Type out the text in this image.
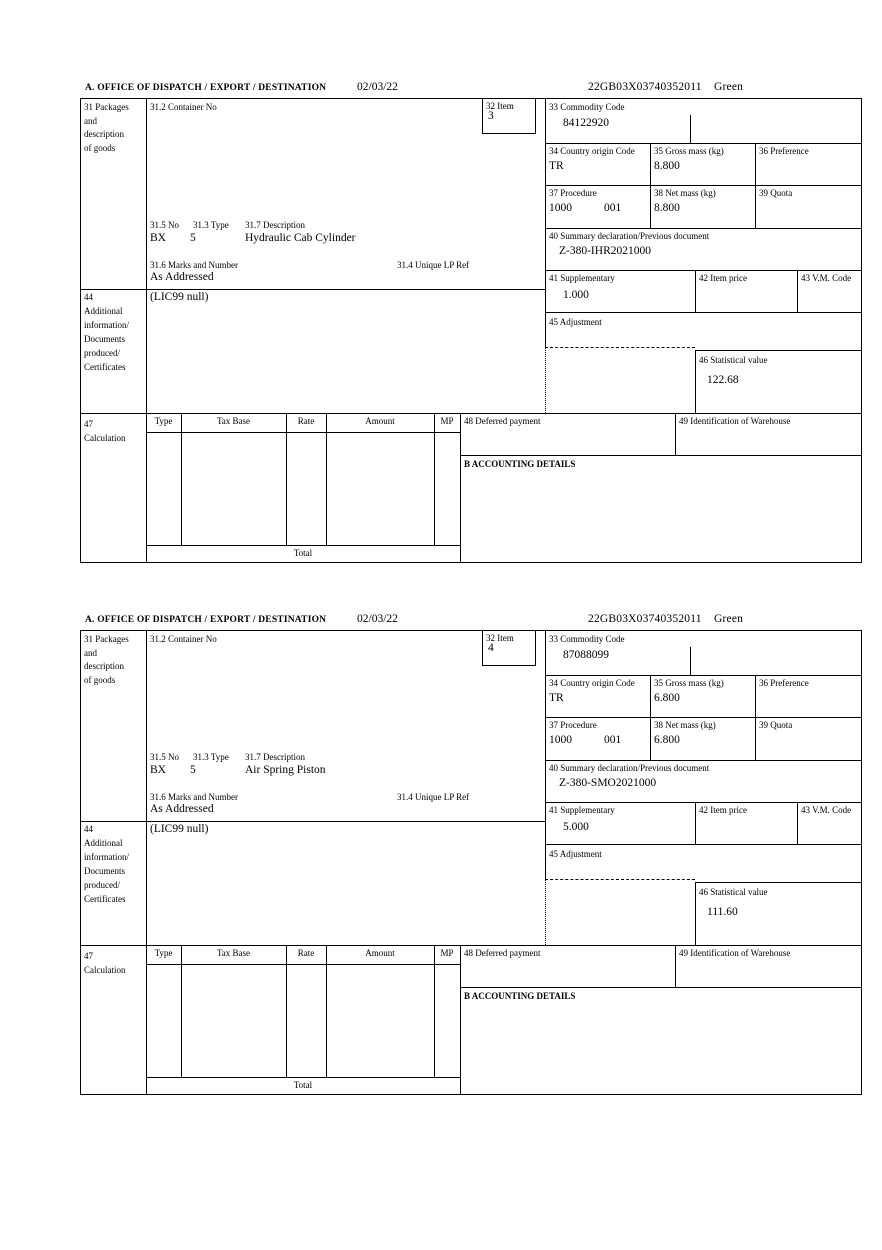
A. OFFICE OF DISPATCH / EXPORT / DESTINATION	02/03/22	22GB03X03740352011    Green
31 Packages
and
description
of goods
31.2 Container No	32 Item
3
33 Commodity Code
84122920
34 Country origin Code
TR
35 Gross mass (kg)
8.800
36 Preference
37 Procedure
1000	001
38 Net mass (kg)
8.800
39 Quota
40 Summary declaration/Previous document
Z-380-IHR2021000
31.5 No 31.3 Type 31.7 Description
BX 5	Hydraulic Cab Cylinder
31.6 Marks and Number	31.4 Unique LP Ref
As Addressed	41 Supplementary
1.000
42 Item price	43 V.M. Code
44
Additional
information/
Documents
produced/
Certificates
(LIC99 null)
45 Adjustment
46 Statistical value
122.68
47
Calculation
Type	Tax Base	Rate	Amount	MP
Total
48 Deferred payment	49 Identification of Warehouse
B ACCOUNTING DETAILS
A. OFFICE OF DISPATCH / EXPORT / DESTINATION	02/03/22	22GB03X03740352011    Green
31 Packages
and
description
of goods
31.2 Container No	32 Item
4
33 Commodity Code
87088099
34 Country origin Code
TR
35 Gross mass (kg)
6.800
36 Preference
37 Procedure
1000	001
38 Net mass (kg)
6.800
39 Quota
40 Summary declaration/Previous document
Z-380-SMO2021000
31.5 No 31.3 Type 31.7 Description
BX 5	Air Spring Piston
31.6 Marks and Number	31.4 Unique LP Ref
As Addressed	41 Supplementary
5.000
42 Item price	43 V.M. Code
44
Additional
information/
Documents
produced/
Certificates
(LIC99 null)
45 Adjustment
46 Statistical value
111.60
47
Calculation
Type	Tax Base	Rate	Amount	MP
Total
48 Deferred payment	49 Identification of Warehouse
B ACCOUNTING DETAILS
